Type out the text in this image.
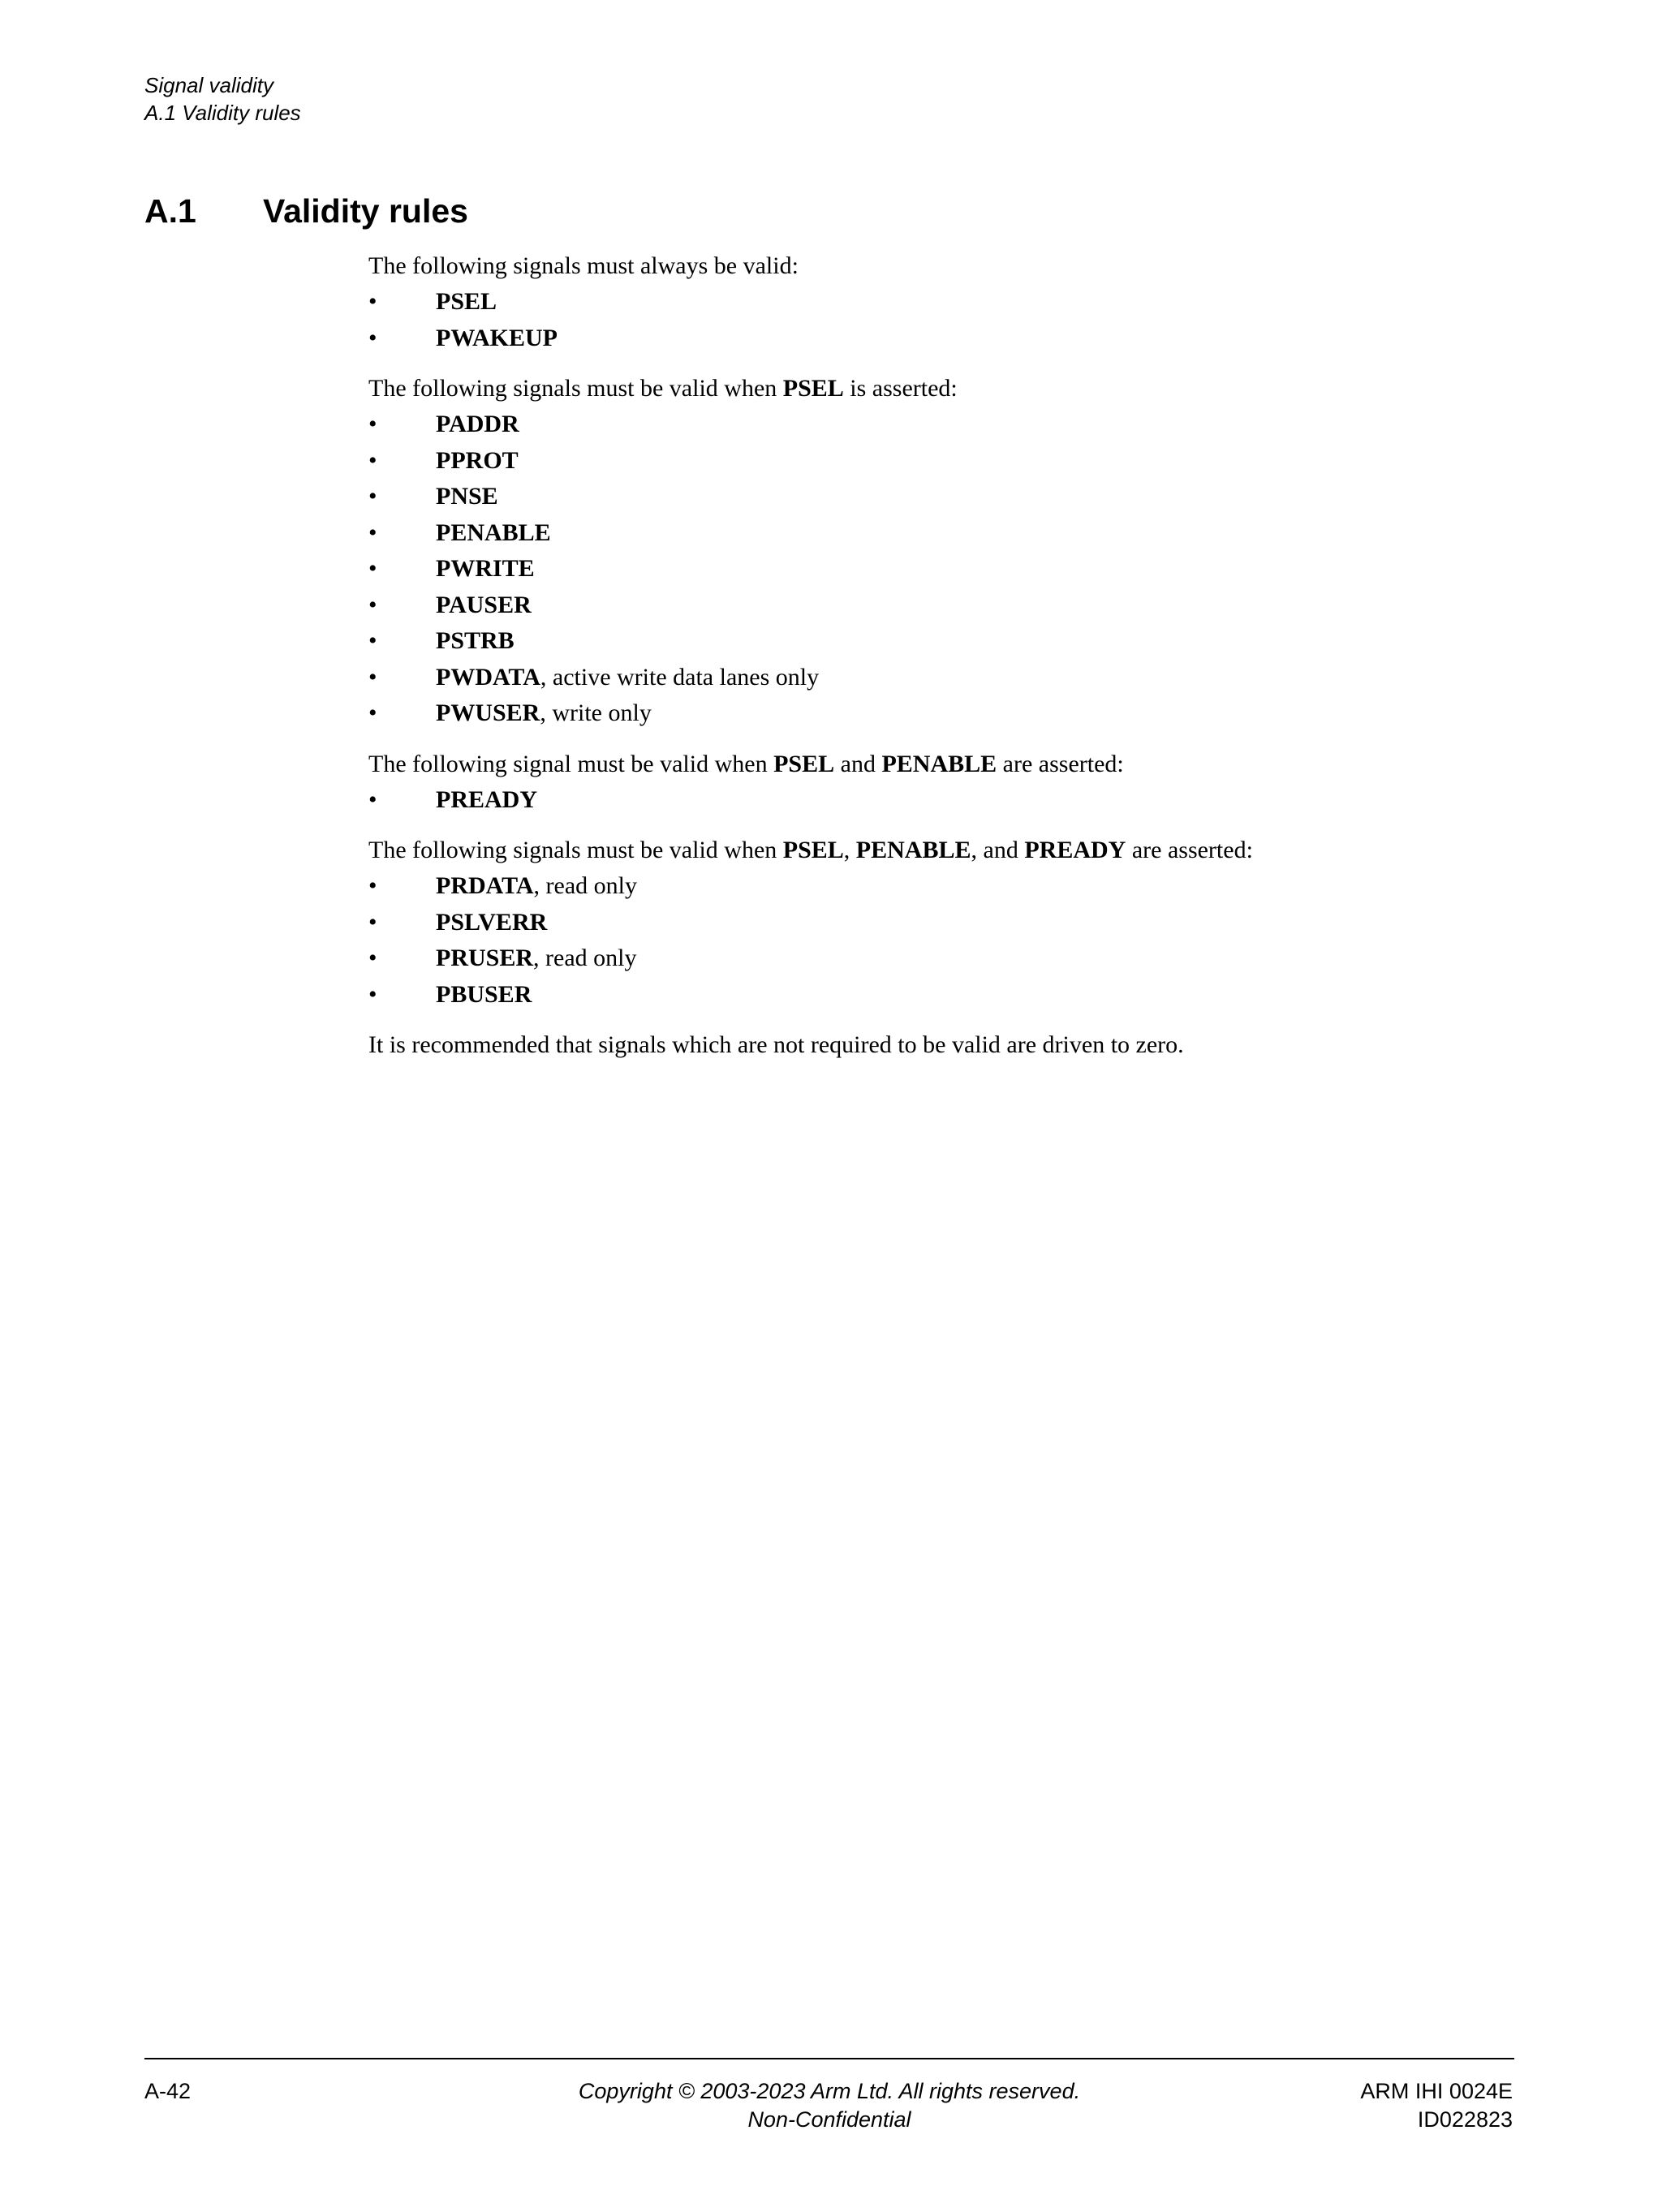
Signal validity
A.1 Validity rules
A.1 Validity rules

The following signals must always be valid:

• PSEL
• PWAKEUP

The following signals must be valid when PSEL is asserted:

• PADDR
• PPROT
• PNSE
• PENABLE
• PWRITE
• PAUSER
• PSTRB
• PWDATA, active write data lanes only
• PWUSER, write only

The following signal must be valid when PSEL and PENABLE are asserted:

• PREADY

The following signals must be valid when PSEL, PENABLE, and PREADY are asserted:

• PRDATA, read only
• PSLVERR
• PRUSER, read only
• PBUSER

It is recommended that signals which are not required to be valid are driven to zero.

A-42	Copyright © 2003-2023 Arm Ltd. All rights reserved.
Non-Confidential
ARM IHI 0024E
ID022823
